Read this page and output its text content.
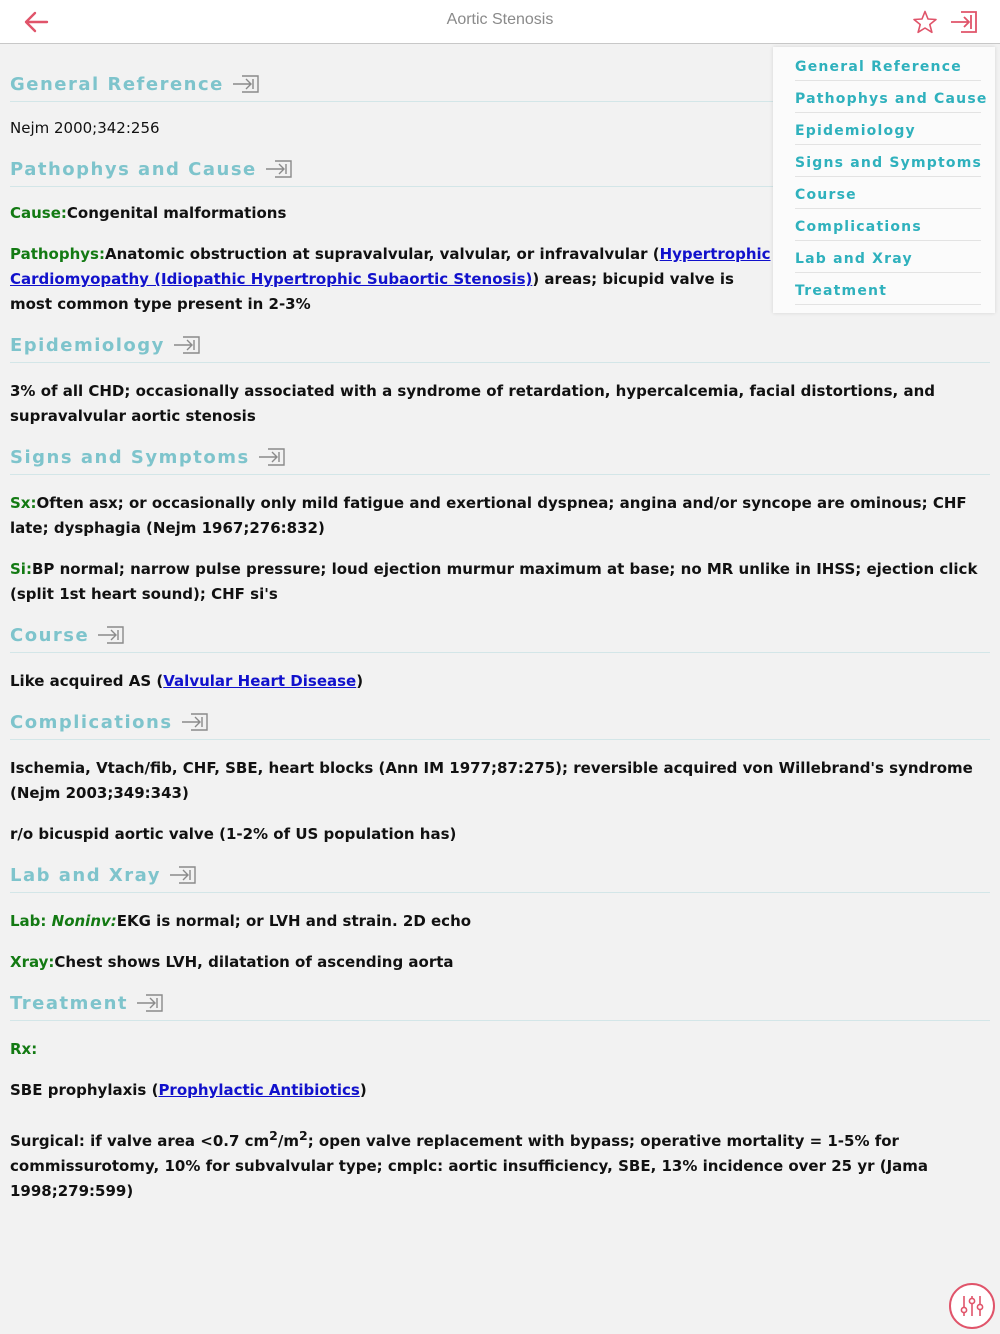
Aortic Stenosis
General Reference

Nejm 2000;342:256

Pathophys and Cause

Cause:Congenital malformations

Pathophys:Anatomic obstruction at supravalvular, valvular, or infravalvular (Hypertrophic Cardiomyopathy (Idiopathic Hypertrophic Subaortic Stenosis)) areas; bicupid valve is most common type present in 2-3%

Epidemiology

3% of all CHD; occasionally associated with a syndrome of retardation, hypercalcemia, facial distortions, and supravalvular aortic stenosis

Signs and Symptoms

Sx:Often asx; or occasionally only mild fatigue and exertional dyspnea; angina and/or syncope are ominous; CHF late; dysphagia (Nejm 1967;276:832)

Si:BP normal; narrow pulse pressure; loud ejection murmur maximum at base; no MR unlike in IHSS; ejection click (split 1st heart sound); CHF si's

Course

Like acquired AS (Valvular Heart Disease)

Complications

Ischemia, Vtach/fib, CHF, SBE, heart blocks (Ann IM 1977;87:275); reversible acquired von Willebrand's syndrome (Nejm 2003;349:343)

r/o bicuspid aortic valve (1-2% of US population has)

Lab and Xray

Lab: Noninv:EKG is normal; or LVH and strain. 2D echo

Xray:Chest shows LVH, dilatation of ascending aorta

Treatment

Rx:

SBE prophylaxis (Prophylactic Antibiotics)

Surgical: if valve area <0.7 $cm^2/m^2$; open valve replacement with bypass; operative mortality = 1-5% for commissurotomy, 10% for subvalvular type; cmplc: aortic insufficiency, SBE, 13% incidence over 25 yr (Jama 1998;279:599)

General Reference
Pathophys and Cause
Epidemiology
Signs and Symptoms
Course
Complications
Lab and Xray
Treatment
